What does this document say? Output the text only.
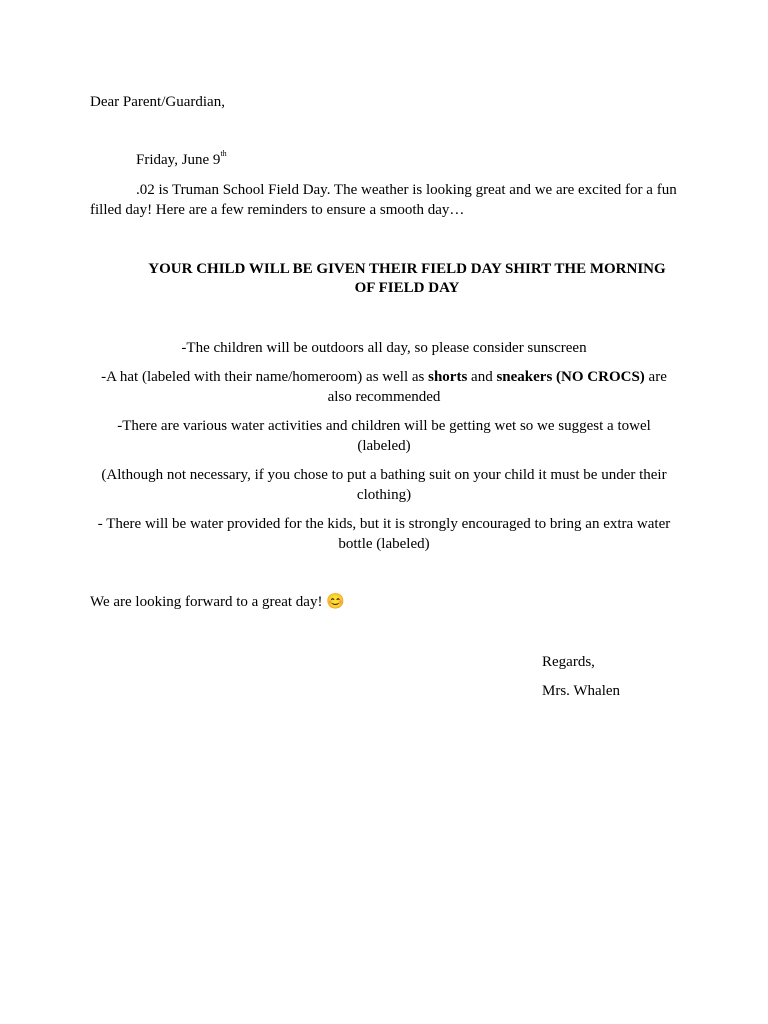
Dear Parent/Guardian,

Friday, June 9th

.02 is Truman School Field Day. The weather is looking great and we are excited for a fun filled day! Here are a few reminders to ensure a smooth day…

YOUR CHILD WILL BE GIVEN THEIR FIELD DAY SHIRT THE MORNING OF FIELD DAY

-The children will be outdoors all day, so please consider sunscreen

-A hat (labeled with their name/homeroom) as well as shorts and sneakers (NO CROCS) are also recommended

-There are various water activities and children will be getting wet so we suggest a towel (labeled)

(Although not necessary, if you chose to put a bathing suit on your child it must be under their clothing)

- There will be water provided for the kids, but it is strongly encouraged to bring an extra water bottle (labeled)

We are looking forward to a great day! 😊

Regards,

Mrs. Whalen
